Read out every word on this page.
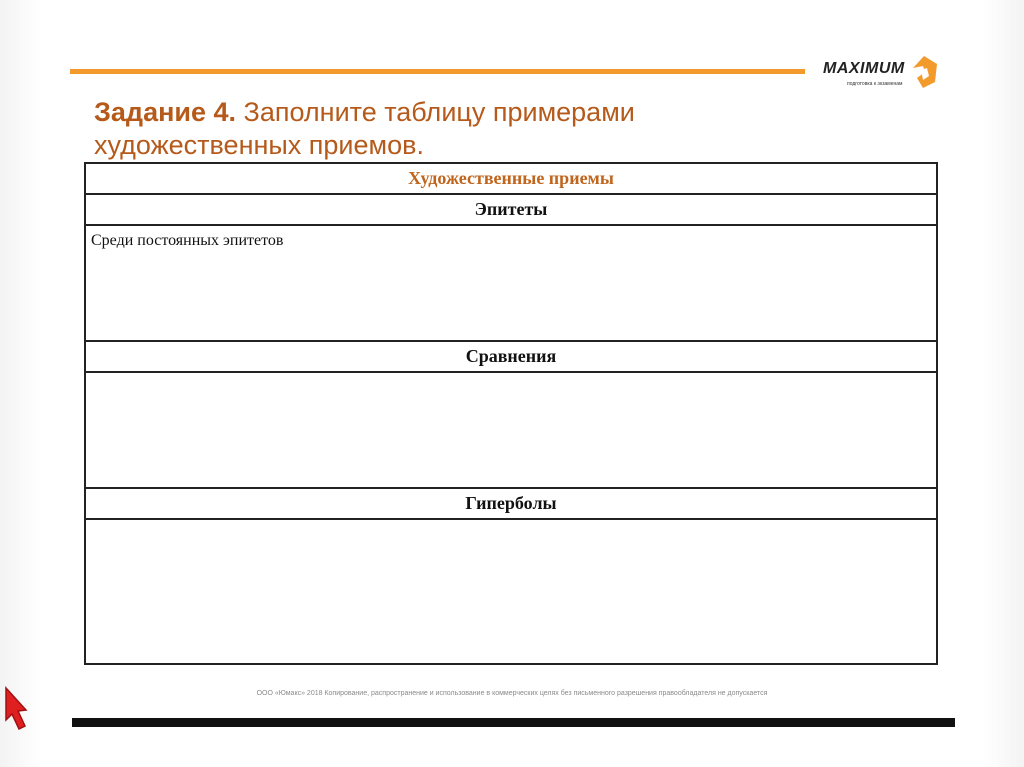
MAXIMUM
подготовка к экзаменам
Задание 4. Заполните таблицу примерами художественных приемов.
Художественные приемы
Эпитеты
Среди постоянных эпитетов
Сравнения

Гиперболы

ООО «Юмакс» 2018 Копирование, распространение и использование в коммерческих целях без письменного разрешения правообладателя не допускается
